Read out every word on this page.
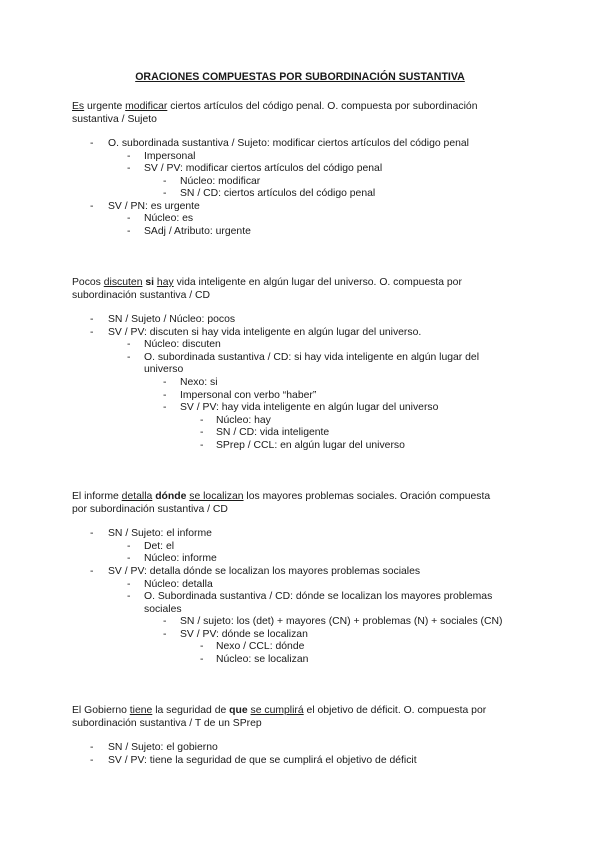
ORACIONES COMPUESTAS POR SUBORDINACIÓN SUSTANTIVA
Es urgente modificar ciertos artículos del código penal. O. compuesta por subordinación
sustantiva / Sujeto
- O. subordinada sustantiva / Sujeto: modificar ciertos artículos del código penal
- Impersonal
- SV / PV: modificar ciertos artículos del código penal
- Núcleo: modificar
- SN / CD: ciertos artículos del código penal
- SV / PN: es urgente
- Núcleo: es
- SAdj / Atributo: urgente
Pocos discuten si hay vida inteligente en algún lugar del universo. O. compuesta por
subordinación sustantiva / CD
- SN / Sujeto / Núcleo: pocos
- SV / PV: discuten si hay vida inteligente en algún lugar del universo.
- Núcleo: discuten
- O. subordinada sustantiva / CD: si hay vida inteligente en algún lugar del
universo
- Nexo: si
- Impersonal con verbo “haber”
- SV / PV: hay vida inteligente en algún lugar del universo
- Núcleo: hay
- SN / CD: vida inteligente
- SPrep / CCL: en algún lugar del universo
El informe detalla dónde se localizan los mayores problemas sociales. Oración compuesta
por subordinación sustantiva / CD
- SN / Sujeto: el informe
- Det: el
- Núcleo: informe
- SV / PV: detalla dónde se localizan los mayores problemas sociales
- Núcleo: detalla
- O. Subordinada sustantiva / CD: dónde se localizan los mayores problemas
sociales
- SN / sujeto: los (det) + mayores (CN) + problemas (N) + sociales (CN)
- SV / PV: dónde se localizan
- Nexo / CCL: dónde
- Núcleo: se localizan
El Gobierno tiene la seguridad de que se cumplirá el objetivo de déficit. O. compuesta por
subordinación sustantiva / T de un SPrep
- SN / Sujeto: el gobierno
- SV / PV: tiene la seguridad de que se cumplirá el objetivo de déficit
